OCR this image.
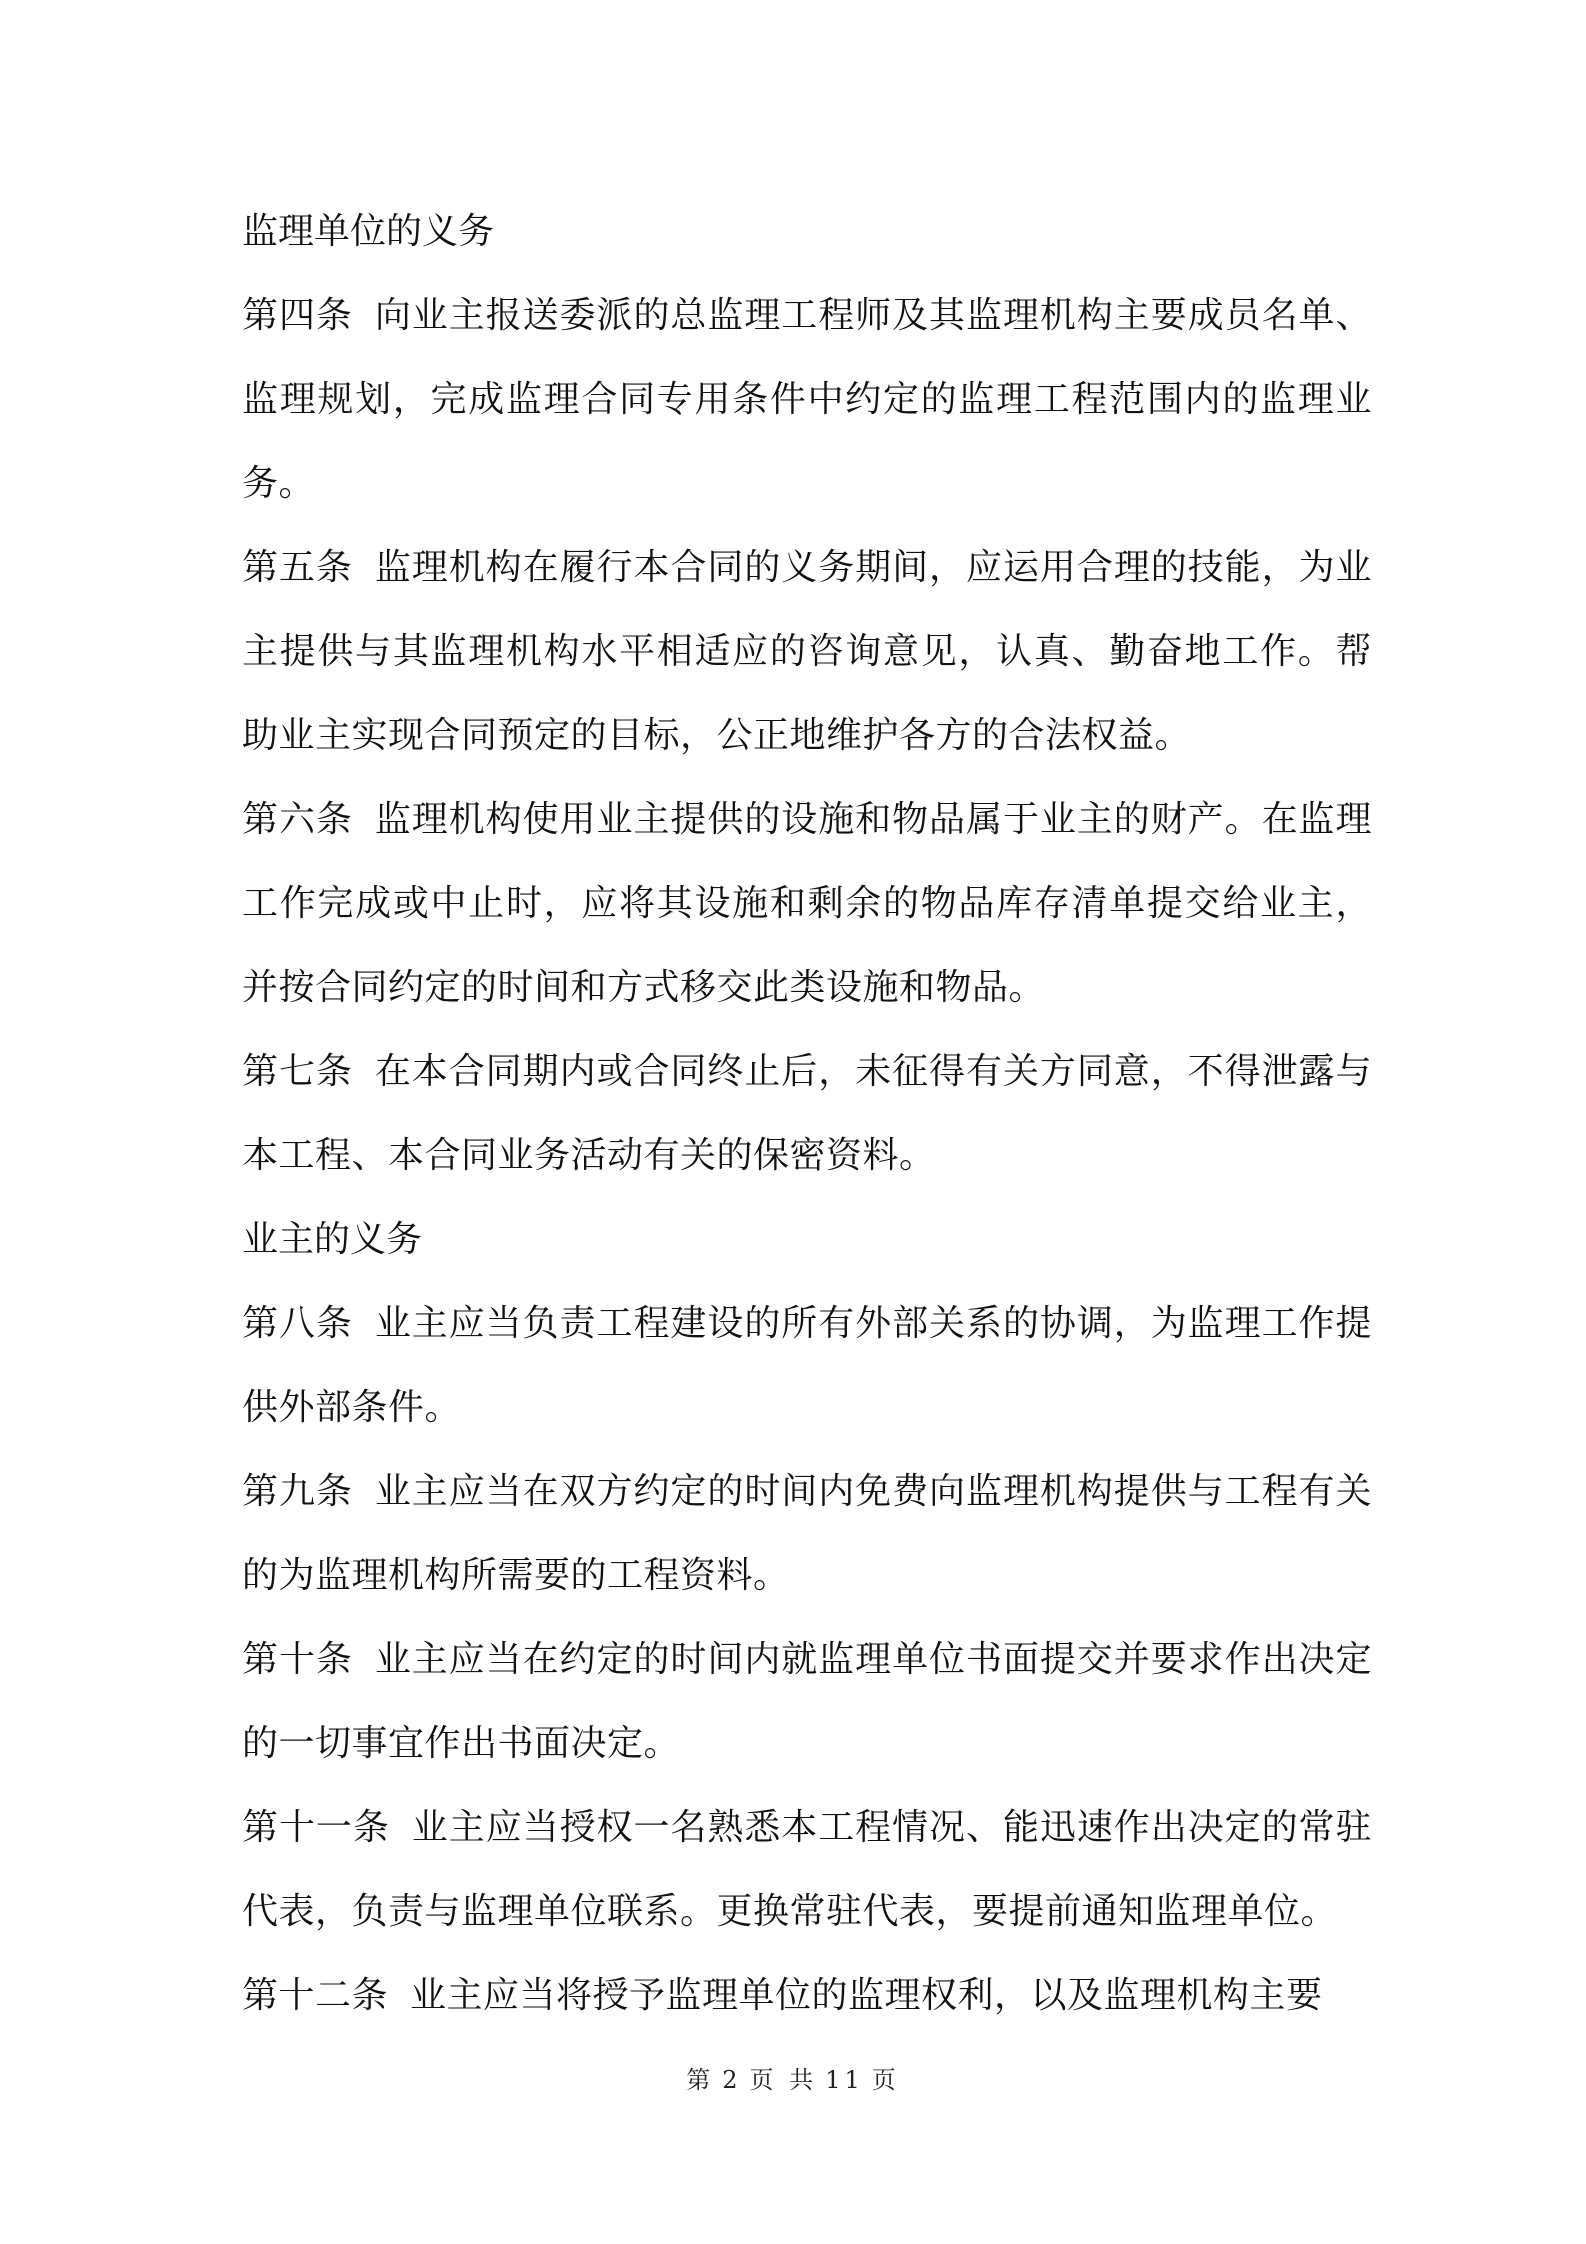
监理单位的义务

第四条 向业主报送委派的总监理工程师及其监理机构主要成员名单、监理规划，完成监理合同专用条件中约定的监理工程范围内的监理业务。

第五条 监理机构在履行本合同的义务期间，应运用合理的技能，为业主提供与其监理机构水平相适应的咨询意见，认真、勤奋地工作。帮助业主实现合同预定的目标，公正地维护各方的合法权益。

第六条 监理机构使用业主提供的设施和物品属于业主的财产。在监理工作完成或中止时，应将其设施和剩余的物品库存清单提交给业主，并按合同约定的时间和方式移交此类设施和物品。

第七条 在本合同期内或合同终止后，未征得有关方同意，不得泄露与本工程、本合同业务活动有关的保密资料。

业主的义务

第八条 业主应当负责工程建设的所有外部关系的协调，为监理工作提供外部条件。

第九条 业主应当在双方约定的时间内免费向监理机构提供与工程有关的为监理机构所需要的工程资料。

第十条 业主应当在约定的时间内就监理单位书面提交并要求作出决定的一切事宜作出书面决定。

第十一条 业主应当授权一名熟悉本工程情况、能迅速作出决定的常驻代表，负责与监理单位联系。更换常驻代表，要提前通知监理单位。

第十二条 业主应当将授予监理单位的监理权利，以及监理机构主要

第 2 页 共 11 页
